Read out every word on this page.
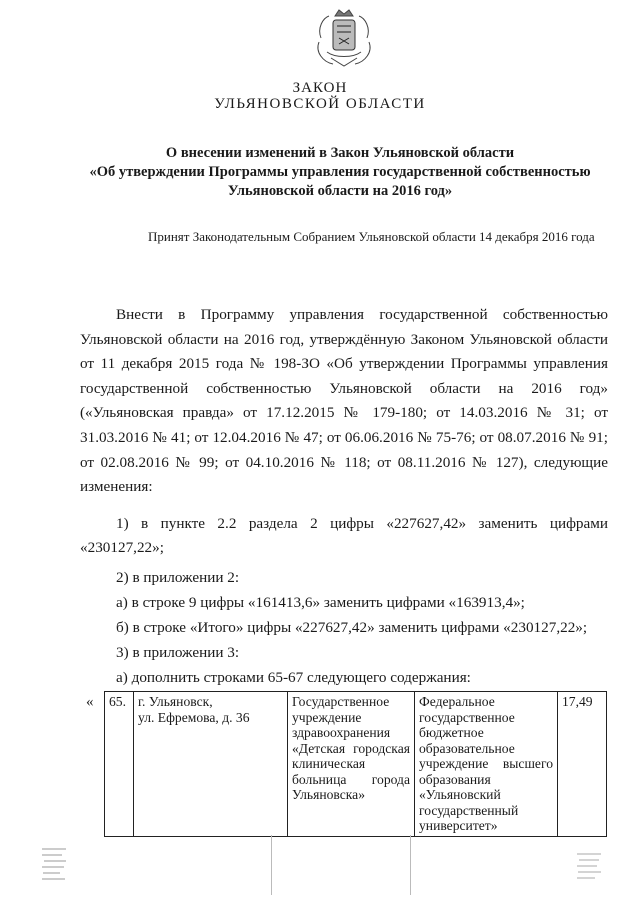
ЗАКОН
УЛЬЯНОВСКОЙ ОБЛАСТИ
О внесении изменений в Закон Ульяновской области
«Об утверждении Программы управления государственной собственностью
Ульяновской области на 2016 год»
Принят Законодательным Собранием Ульяновской области 14 декабря 2016 года
Внести в Программу управления государственной собственностью Ульяновской области на 2016 год, утверждённую Законом Ульяновской области от 11 декабря 2015 года № 198-ЗО «Об утверждении Программы управления государственной собственностью Ульяновской области на 2016 год» («Ульяновская правда» от 17.12.2015 № 179-180; от 14.03.2016 № 31; от 31.03.2016 № 41; от 12.04.2016 № 47; от 06.06.2016 № 75-76; от 08.07.2016 № 91; от 02.08.2016 № 99; от 04.10.2016 № 118; от 08.11.2016 № 127), следующие изменения:
1) в пункте 2.2 раздела 2 цифры «227627,42» заменить цифрами «230127,22»;
2) в приложении 2:
а) в строке 9 цифры «161413,6» заменить цифрами «163913,4»;
б) в строке «Итого» цифры «227627,42» заменить цифрами «230127,22»;
3) в приложении 3:
а) дополнить строками 65-67 следующего содержания:
« 65.	г. Ульяновск,
ул. Ефремова, д. 36
	Государственное учреждение здравоохранения «Детская городская клиническая больница города Ульяновска»	Федеральное государственное бюджетное образовательное учреждение высшего образования «Ульяновский государственный университет»	17,49
